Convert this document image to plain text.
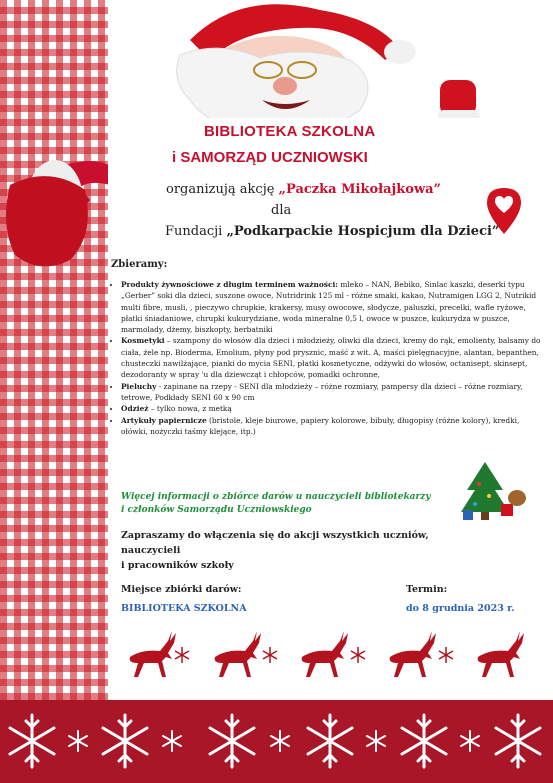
BIBLIOTEKA SZKOLNA
i SAMORZĄD UCZNIOWSKI
organizują akcję „Paczka Mikołajkowa”
dla
Fundacji „Podkarpackie Hospicjum dla Dzieci”
Zbieramy:
• Produkty żywnościowe z długim terminem ważności: mleko – NAN, Bebiko, Sinlac kaszki, deserki typu „Gerber” soki dla dzieci, suszone owoce, Nutridrink 125 ml - różne smaki, kakao, Nutramigen LGG 2, Nutrikid multi fibre, musli, , pieczywo chrupkie, krakersy, musy owocowe, słodycze, paluszki, precelki, wafle ryżowe, płatki śniadaniowe, chrupki kukurydziane, woda mineralne 0,5 l, owoce w puszce, kukurydza w puszce, marmolady, dżemy, biszkopty, herbatniki
• Kosmetyki – szampony do włosów dla dzieci i młodzieży, oliwki dla dzieci, kremy do rąk, emolienty, balsamy do ciała, żele np. Bioderma, Emolium, płyny pod prysznic, maść z wit. A, maści pielęgnacyjne, alantan, bepanthen, chusteczki nawilżające, pianki do mycia SENI, płatki kosmetyczne, odżywki do włosów, octanisept, skinsept, dezodoranty w spray 'u dla dziewcząt i chłopców, pomadki ochronne,
• Pieluchy - zapinane na rzepy - SENI dla młodzieży – różne rozmiary, pampersy dla dzieci – różne rozmiary, tetrowe, Podkłady SENI 60 x 90 cm
• Odzież – tylko nowa, z metką
• Artykuły papiernicze (bristole, kleje biurowe, papiery kolorowe, bibuły, długopisy (różne kolory), kredki, ołówki, nożyczki taśmy klejące, itp.)
Więcej informacji o zbiórce darów u nauczycieli bibliotekarzy
i członków Samorządu Uczniowskiego
Zapraszamy do włączenia się do akcji wszystkich uczniów, nauczycieli
i pracowników szkoły
Miejsce zbiórki darów:	Termin:
BIBLIOTEKA SZKOLNA	do 8 grudnia 2023 r.
